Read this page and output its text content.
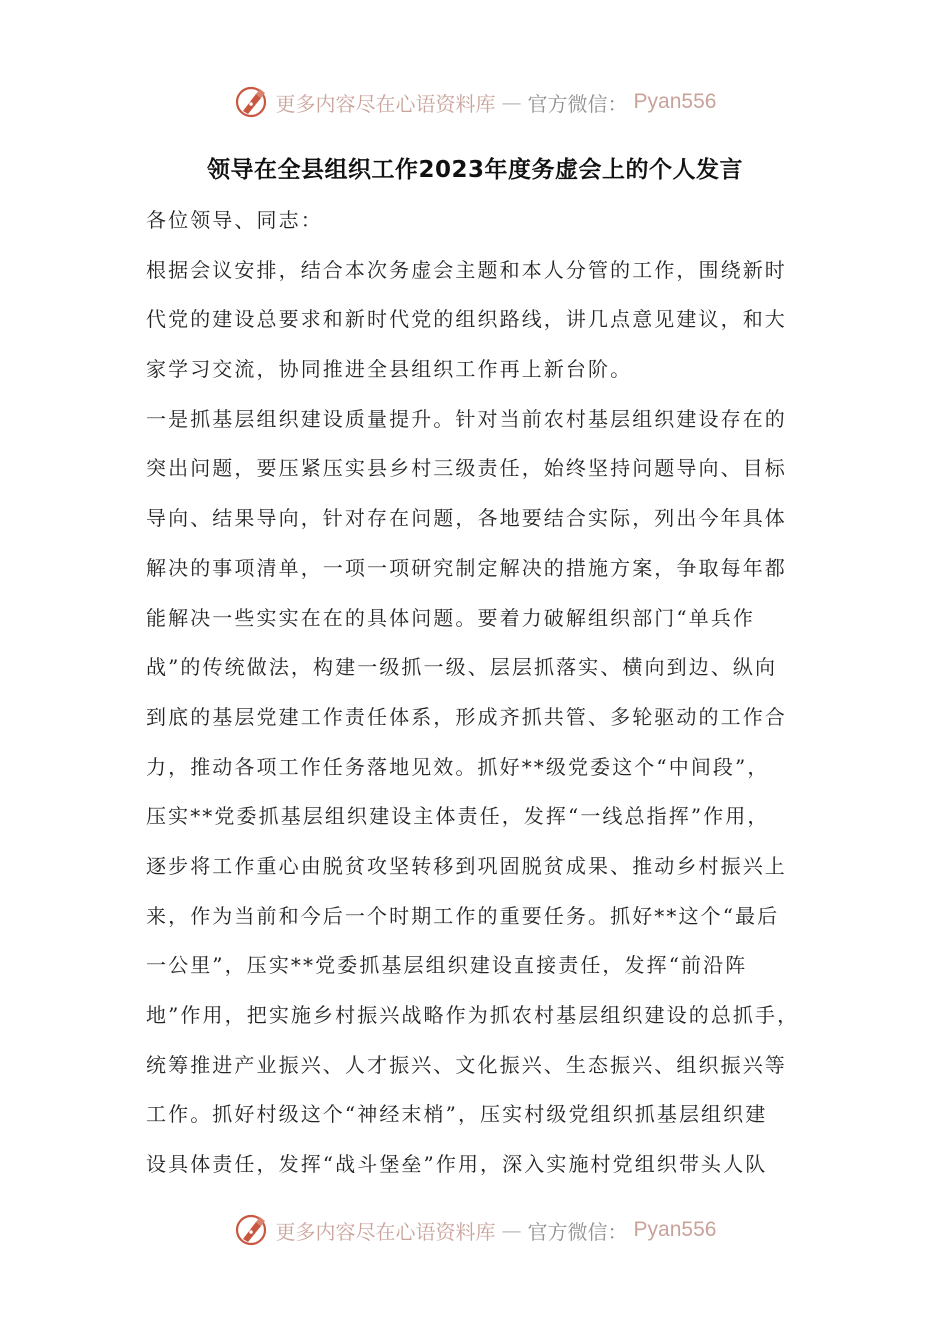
更多内容尽在心语资料库 — 官方微信： Pyan556
领导在全县组织工作2023年度务虚会上的个人发言
各位领导、同志：
根据会议安排，结合本次务虚会主题和本人分管的工作，围绕新时
代党的建设总要求和新时代党的组织路线，讲几点意见建议，和大
家学习交流，协同推进全县组织工作再上新台阶。
一是抓基层组织建设质量提升。针对当前农村基层组织建设存在的
突出问题，要压紧压实县乡村三级责任，始终坚持问题导向、目标
导向、结果导向，针对存在问题，各地要结合实际，列出今年具体
解决的事项清单，一项一项研究制定解决的措施方案，争取每年都
能解决一些实实在在的具体问题。要着力破解组织部门“单兵作
战”的传统做法，构建一级抓一级、层层抓落实、横向到边、纵向
到底的基层党建工作责任体系，形成齐抓共管、多轮驱动的工作合
力，推动各项工作任务落地见效。抓好**级党委这个“中间段”，
压实**党委抓基层组织建设主体责任，发挥“一线总指挥”作用，
逐步将工作重心由脱贫攻坚转移到巩固脱贫成果、推动乡村振兴上
来，作为当前和今后一个时期工作的重要任务。抓好**这个“最后
一公里”，压实**党委抓基层组织建设直接责任，发挥“前沿阵
地”作用，把实施乡村振兴战略作为抓农村基层组织建设的总抓手，
统筹推进产业振兴、人才振兴、文化振兴、生态振兴、组织振兴等
工作。抓好村级这个“神经末梢”，压实村级党组织抓基层组织建
设具体责任，发挥“战斗堡垒”作用，深入实施村党组织带头人队
更多内容尽在心语资料库 — 官方微信： Pyan556
